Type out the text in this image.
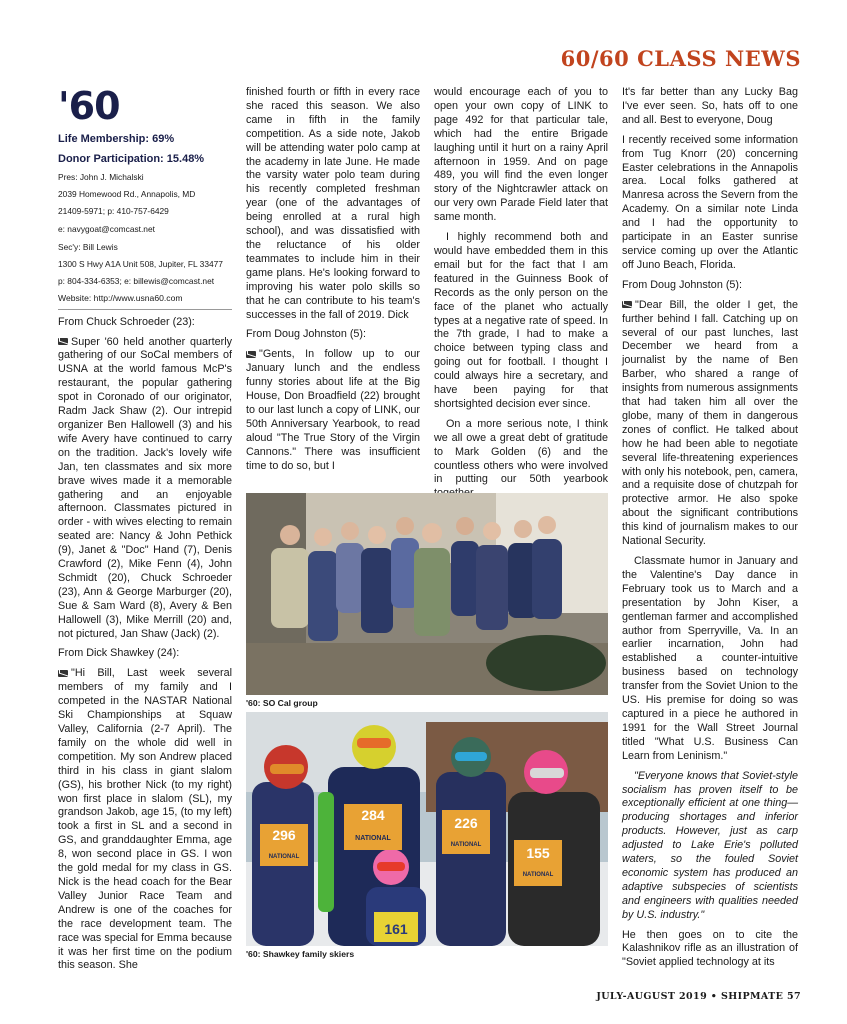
60/60 CLASS NEWS
'60

Life Membership: 69%

Donor Participation: 15.48%

Pres: John J. Michalski

2039 Homewood Rd., Annapolis, MD

21409-5971; p: 410-757-6429

e: navygoat@comcast.net

Sec'y: Bill Lewis

1300 S Hwy A1A Unit 508, Jupiter, FL 33477

p: 804-334-6353; e: billewis@comcast.net

Website: http://www.usna60.com

From Chuck Schroeder (23):

Super '60 held another quarterly gathering of our SoCal members of USNA at the world famous McP's restaurant, the popular gathering spot in Coronado of our originator, Radm Jack Shaw (2). Our intrepid organizer Ben Hallowell (3) and his wife Avery have continued to carry on the tradition. Jack's lovely wife Jan, ten classmates and six more brave wives made it a memorable gathering and an enjoyable afternoon. Classmates pictured in order - with wives electing to remain seated are: Nancy & John Pethick (9), Janet & "Doc" Hand (7), Denis Crawford (2), Mike Fenn (4), John Schmidt (20), Chuck Schroeder (23), Ann & George Marburger (20), Sue & Sam Ward (8), Avery & Ben Hallowell (3), Mike Merrill (20) and, not pictured, Jan Shaw (Jack) (2).

From Dick Shawkey (24):

"Hi Bill, Last week several members of my family and I competed in the NASTAR National Ski Championships at Squaw Valley, California (2-7 April). The family on the whole did well in competition. My son Andrew placed third in his class in giant slalom (GS), his brother Nick (to my right) won first place in slalom (SL), my grandson Jakob, age 15, (to my left) took a first in SL and a second in GS, and granddaughter Emma, age 8, won second place in GS. I won the gold medal for my class in GS. Nick is the head coach for the Bear Valley Junior Race Team and Andrew is one of the coaches for the race development team. The race was special for Emma because it was her first time on the podium this season. She

finished fourth or fifth in every race she raced this season. We also came in fifth in the family competition. As a side note, Jakob will be attending water polo camp at the academy in late June. He made the varsity water polo team during his recently completed freshman year (one of the advantages of being enrolled at a rural high school), and was dissatisfied with the reluctance of his older teammates to include him in their game plans. He's looking forward to improving his water polo skills so that he can contribute to his team's successes in the fall of 2019. Dick

From Doug Johnston (5):

"Gents, In follow up to our January lunch and the endless funny stories about life at the Big House, Don Broadfield (22) brought to our last lunch a copy of LINK, our 50th Anniversary Yearbook, to read aloud "The True Story of the Virgin Cannons." There was insufficient time to do so, but I

would encourage each of you to open your own copy of LINK to page 492 for that particular tale, which had the entire Brigade laughing until it hurt on a rainy April afternoon in 1959. And on page 489, you will find the even longer story of the Nightcrawler attack on our very own Parade Field later that same month.

I highly recommend both and would have embedded them in this email but for the fact that I am featured in the Guinness Book of Records as the only person on the face of the planet who actually types at a negative rate of speed. In the 7th grade, I had to make a choice between typing class and going out for football. I thought I could always hire a secretary, and have been paying for that shortsighted decision ever since.

On a more serious note, I think we all owe a great debt of gratitude to Mark Golden (6) and the countless others who were involved in putting our 50th yearbook

It's far better than any Lucky Bag I've ever seen. So, hats off to one and all. Best to everyone, Doug

I recently received some information from Tug Knorr (20) concerning Easter celebrations in the Annapolis area. Local folks gathered at Manresa across the Severn from the Academy. On a similar note Linda and I had the opportunity to participate in an Easter sunrise service coming up over the Atlantic off Juno Beach, Florida.

From Doug Johnston (5):

"Dear Bill, the older I get, the further behind I fall. Catching up on several of our past lunches, last December we heard from a journalist by the name of Ben Barber, who shared a range of insights from numerous assignments that had taken him all over the globe, many of them in dangerous zones of conflict. He talked about how he had been able to negotiate several life-threatening experiences with only his notebook, pen, camera, and a requisite dose of chutzpah for protective armor. He also spoke about the significant contributions this kind of journalism makes to our National Security.

Classmate humor in January and the Valentine's Day dance in February took us to March and a presentation by John Kiser, a gentleman farmer and accomplished author from Sperryville, Va. In an earlier incarnation, John had established a counter-intuitive business based on technology transfer from the Soviet Union to the US. His premise for doing so was captured in a piece he authored in 1991 for the Wall Street Journal titled "What U.S. Business Can Learn from Leninism."

"Everyone knows that Soviet-style socialism has proven itself to be exceptionally efficient at one thing—producing shortages and inferior products. However, just as carp adjusted to Lake Erie's polluted waters, so the fouled Soviet economic system has produced an adaptive subspecies of scientists and engineers with qualities needed by U.S. industry."

He then goes on to cite the Kalashnikov rifle as an illustration of "Soviet applied technology at its

'60: SO Cal group
296
284	226
155
161
NATIONAL
NATIONAL
NATIONAL
NATIONAL
'60: Shawkey family skiers
JULY-AUGUST 2019 • SHIPMATE 57
